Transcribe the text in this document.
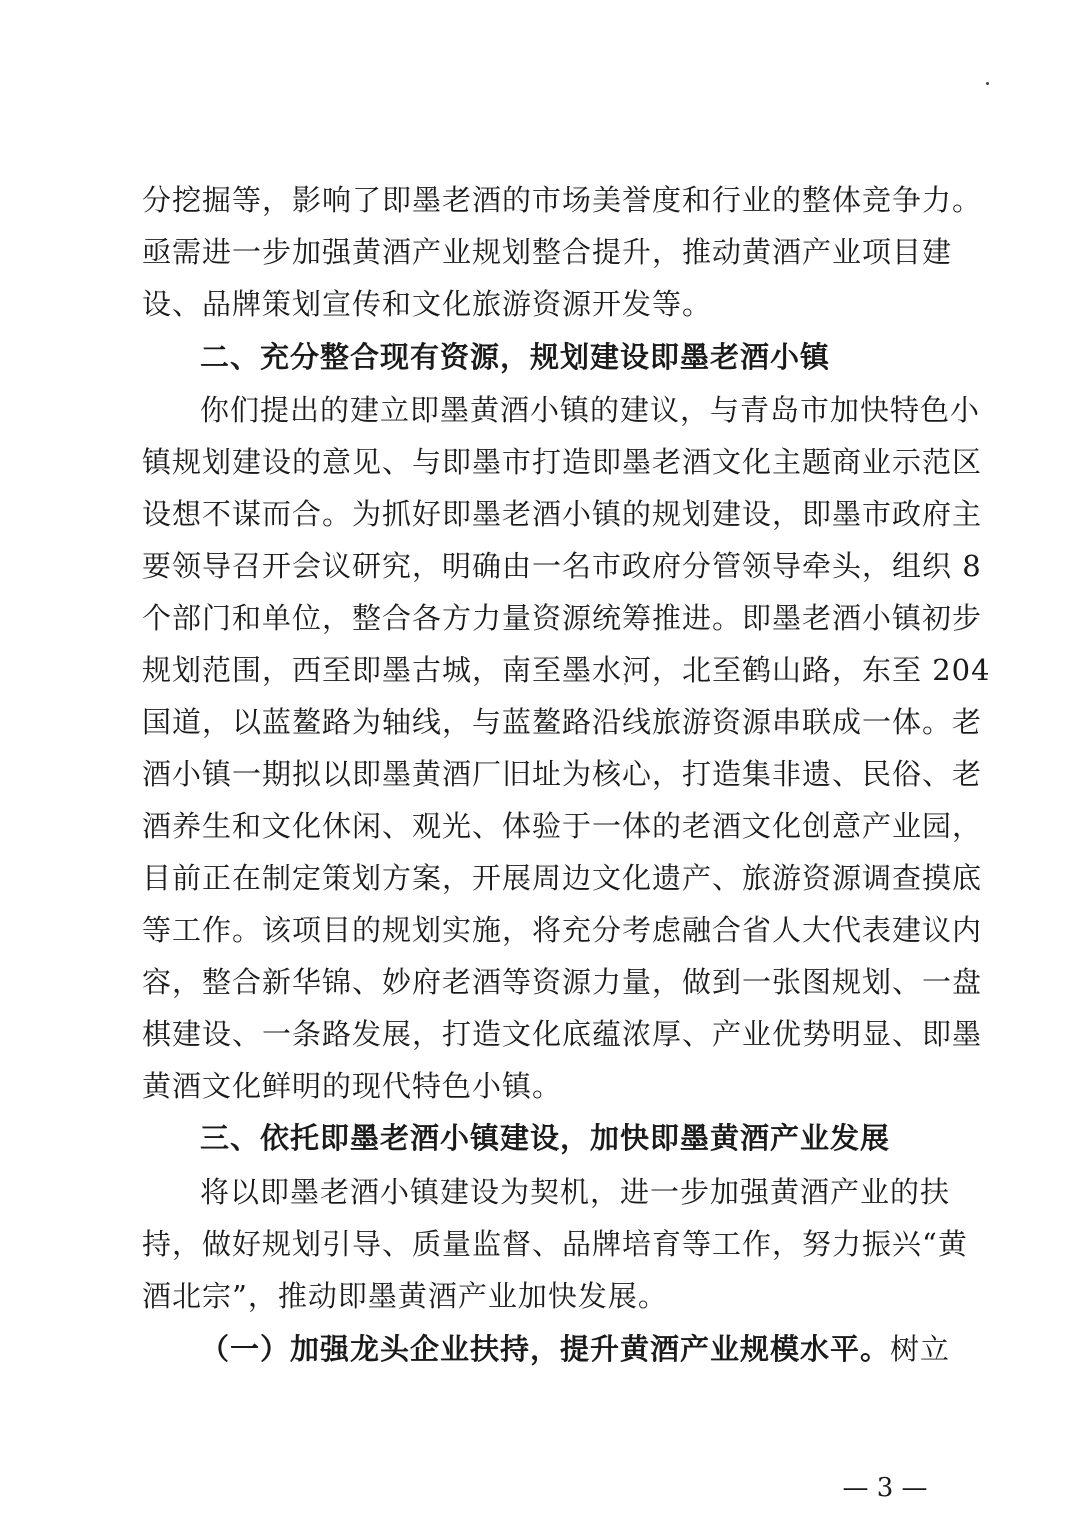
分挖掘等，影响了即墨老酒的市场美誉度和行业的整体竞争力。
亟需进一步加强黄酒产业规划整合提升，推动黄酒产业项目建
设、品牌策划宣传和文化旅游资源开发等。
二、充分整合现有资源，规划建设即墨老酒小镇
你们提出的建立即墨黄酒小镇的建议，与青岛市加快特色小
镇规划建设的意见、与即墨市打造即墨老酒文化主题商业示范区
设想不谋而合。为抓好即墨老酒小镇的规划建设，即墨市政府主
要领导召开会议研究，明确由一名市政府分管领导牵头，组织 8
个部门和单位，整合各方力量资源统筹推进。即墨老酒小镇初步
规划范围，西至即墨古城，南至墨水河，北至鹤山路，东至 204
国道，以蓝鳌路为轴线，与蓝鳌路沿线旅游资源串联成一体。老
酒小镇一期拟以即墨黄酒厂旧址为核心，打造集非遗、民俗、老
酒养生和文化休闲、观光、体验于一体的老酒文化创意产业园，
目前正在制定策划方案，开展周边文化遗产、旅游资源调查摸底
等工作。该项目的规划实施，将充分考虑融合省人大代表建议内
容，整合新华锦、妙府老酒等资源力量，做到一张图规划、一盘
棋建设、一条路发展，打造文化底蕴浓厚、产业优势明显、即墨
黄酒文化鲜明的现代特色小镇。
三、依托即墨老酒小镇建设，加快即墨黄酒产业发展
将以即墨老酒小镇建设为契机，进一步加强黄酒产业的扶
持，做好规划引导、质量监督、品牌培育等工作，努力振兴“黄
酒北宗”，推动即墨黄酒产业加快发展。
（一）加强龙头企业扶持，提升黄酒产业规模水平。树立
— 3 —
